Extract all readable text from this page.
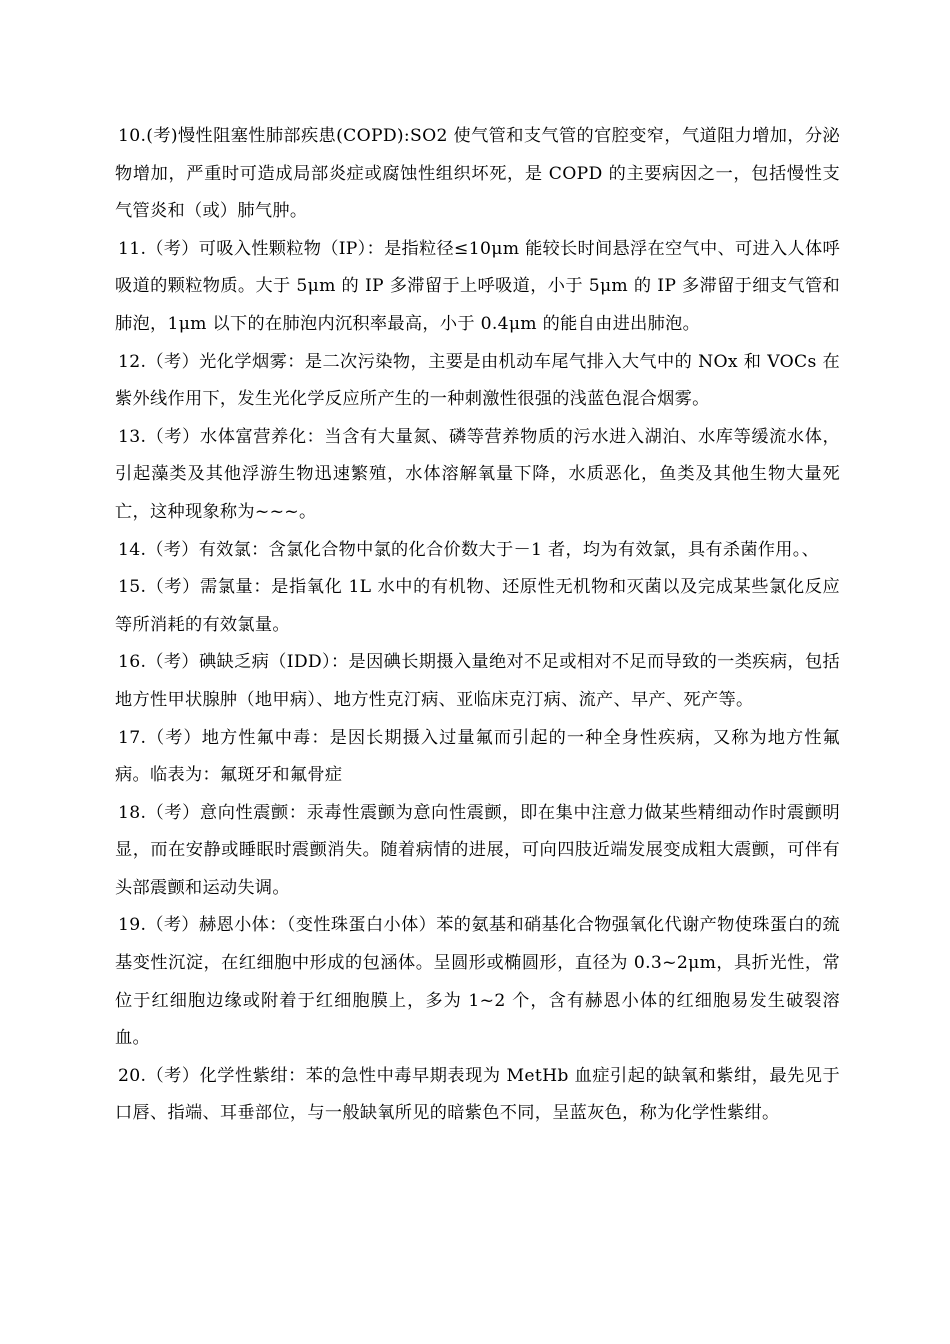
10.(考)慢性阻塞性肺部疾患(COPD):SO2 使气管和支气管的官腔变窄，气道阻力增加，分泌物增加，严重时可造成局部炎症或腐蚀性组织坏死，是 COPD 的主要病因之一，包括慢性支气管炎和（或）肺气肿。

11.（考）可吸入性颗粒物（IP）：是指粒径≤10μm 能较长时间悬浮在空气中、可进入人体呼吸道的颗粒物质。大于 5μm 的 IP 多滞留于上呼吸道，小于 5μm 的 IP 多滞留于细支气管和肺泡，1μm 以下的在肺泡内沉积率最高，小于 0.4μm 的能自由进出肺泡。

12.（考）光化学烟雾：是二次污染物，主要是由机动车尾气排入大气中的 NOx 和 VOCs 在紫外线作用下，发生光化学反应所产生的一种刺激性很强的浅蓝色混合烟雾。

13.（考）水体富营养化：当含有大量氮、磷等营养物质的污水进入湖泊、水库等缓流水体，引起藻类及其他浮游生物迅速繁殖，水体溶解氧量下降，水质恶化，鱼类及其他生物大量死亡，这种现象称为~~~。

14.（考）有效氯：含氯化合物中氯的化合价数大于－1 者，均为有效氯，具有杀菌作用。、

15.（考）需氯量：是指氧化 1L 水中的有机物、还原性无机物和灭菌以及完成某些氯化反应等所消耗的有效氯量。

16.（考）碘缺乏病（IDD）：是因碘长期摄入量绝对不足或相对不足而导致的一类疾病，包括地方性甲状腺肿（地甲病）、地方性克汀病、亚临床克汀病、流产、早产、死产等。

17.（考）地方性氟中毒：是因长期摄入过量氟而引起的一种全身性疾病，又称为地方性氟病。临表为：氟斑牙和氟骨症

18.（考）意向性震颤：汞毒性震颤为意向性震颤，即在集中注意力做某些精细动作时震颤明显，而在安静或睡眠时震颤消失。随着病情的进展，可向四肢近端发展变成粗大震颤，可伴有头部震颤和运动失调。

19.（考）赫恩小体：（变性珠蛋白小体）苯的氨基和硝基化合物强氧化代谢产物使珠蛋白的巯基变性沉淀，在红细胞中形成的包涵体。呈圆形或椭圆形，直径为 0.3~2μm，具折光性，常位于红细胞边缘或附着于红细胞膜上，多为 1~2 个，含有赫恩小体的红细胞易发生破裂溶血。

20.（考）化学性紫绀：苯的急性中毒早期表现为 MetHb 血症引起的缺氧和紫绀，最先见于口唇、指端、耳垂部位，与一般缺氧所见的暗紫色不同，呈蓝灰色，称为化学性紫绀。
